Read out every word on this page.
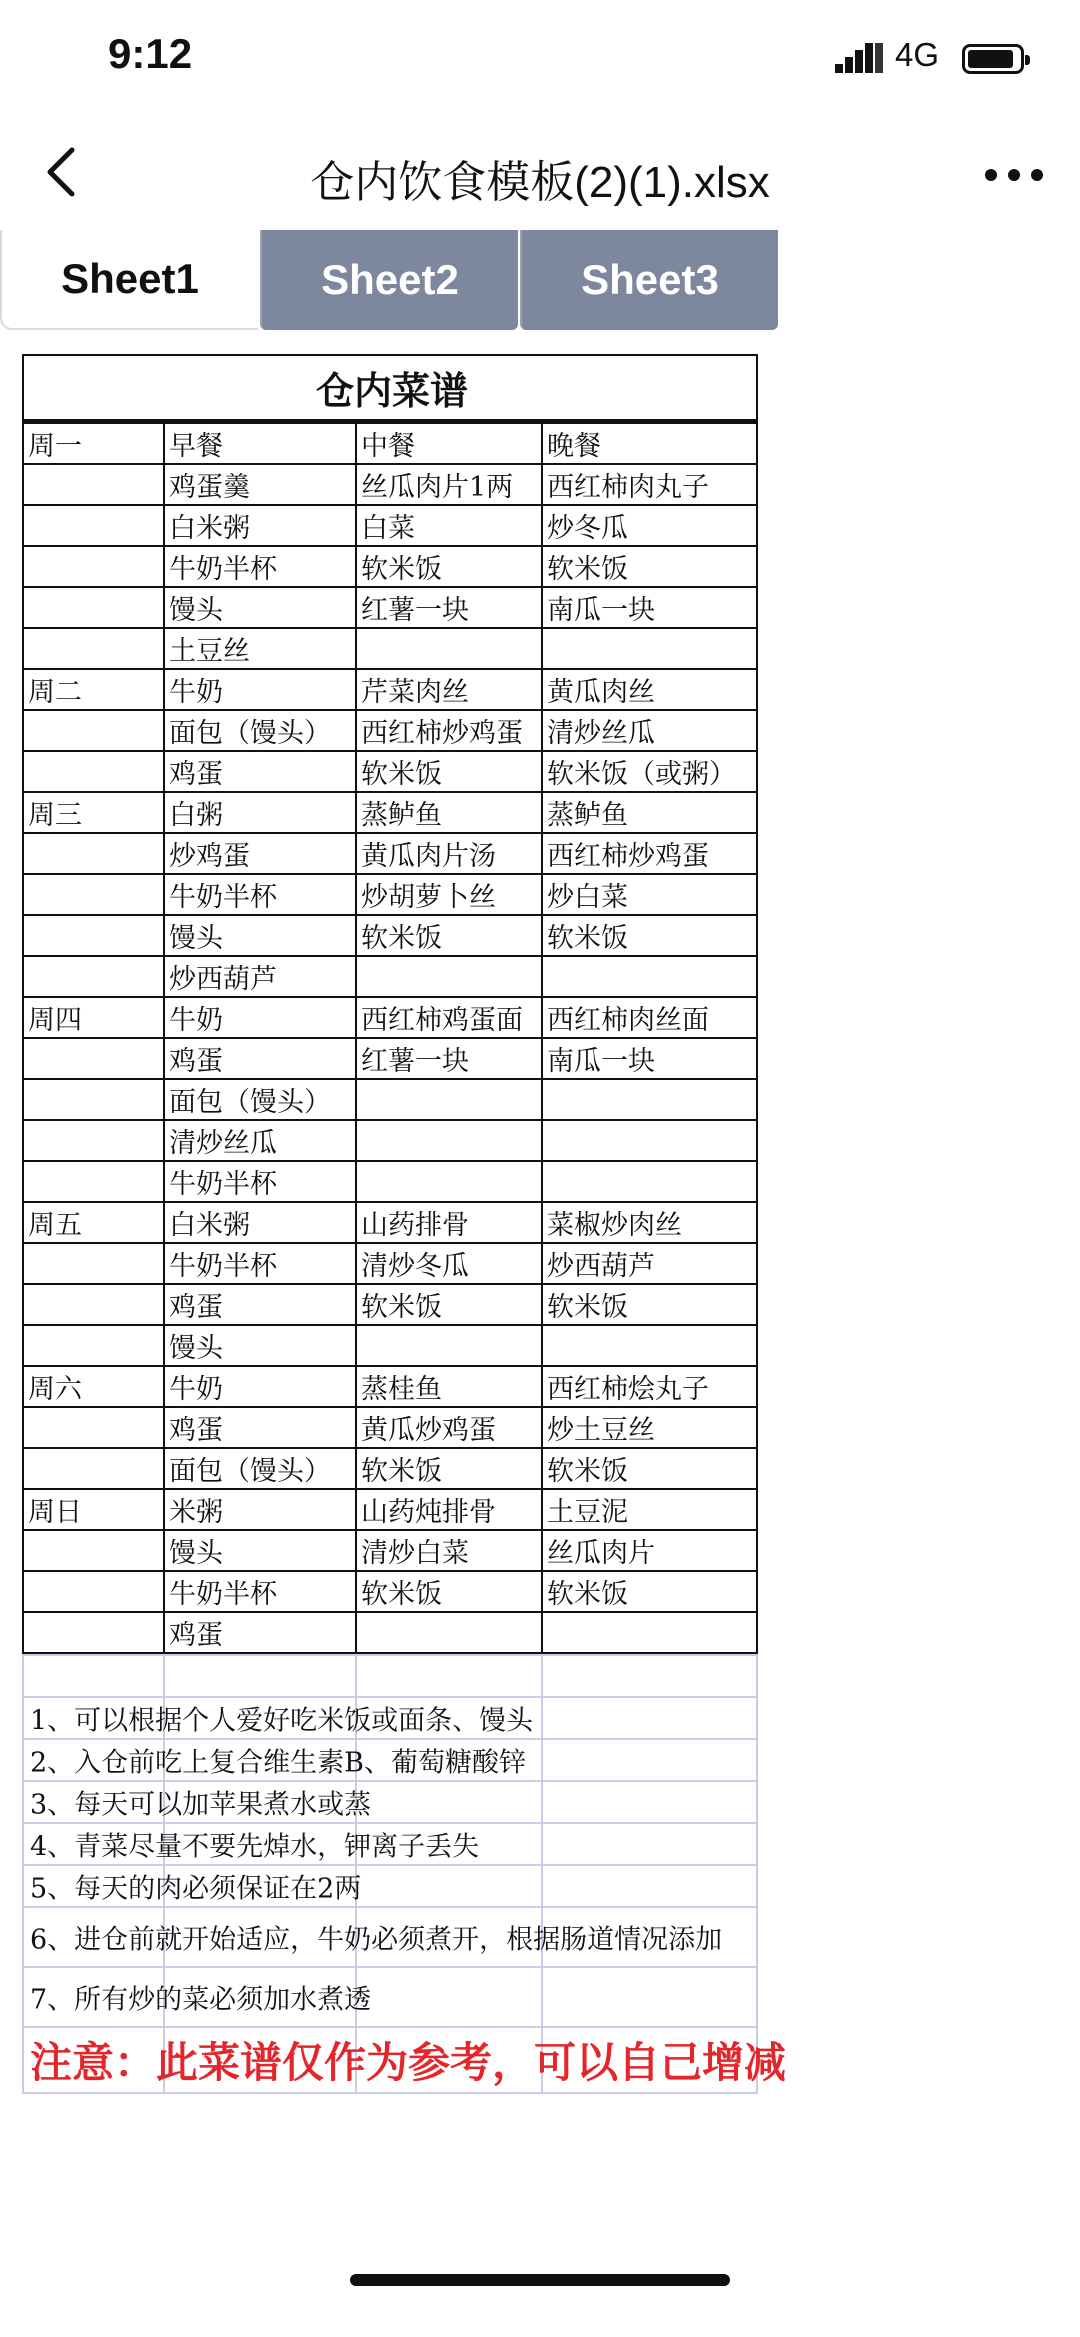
9:12	4G
仓内饮食模板(2)(1).xlsx
Sheet1	Sheet2	Sheet3
仓内菜谱			
周一	早餐	中餐	晚餐
	鸡蛋羹	丝瓜肉片1两	西红柿肉丸子
	白米粥	白菜	炒冬瓜
	牛奶半杯	软米饭	软米饭
	馒头	红薯一块	南瓜一块
	土豆丝		
周二	牛奶	芹菜肉丝	黄瓜肉丝
	面包（馒头）	西红柿炒鸡蛋	清炒丝瓜
	鸡蛋	软米饭	软米饭（或粥）
周三	白粥	蒸鲈鱼	蒸鲈鱼
	炒鸡蛋	黄瓜肉片汤	西红柿炒鸡蛋
	牛奶半杯	炒胡萝卜丝	炒白菜
	馒头	软米饭	软米饭
	炒西葫芦		
周四	牛奶	西红柿鸡蛋面	西红柿肉丝面
	鸡蛋	红薯一块	南瓜一块
	面包（馒头）		
	清炒丝瓜		
	牛奶半杯		
周五	白米粥	山药排骨	菜椒炒肉丝
	牛奶半杯	清炒冬瓜	炒西葫芦
	鸡蛋	软米饭	软米饭
	馒头		
周六	牛奶	蒸桂鱼	西红柿烩丸子
	鸡蛋	黄瓜炒鸡蛋	炒土豆丝
	面包（馒头）	软米饭	软米饭
周日	米粥	山药炖排骨	土豆泥
	馒头	清炒白菜	丝瓜肉片
	牛奶半杯	软米饭	软米饭
	鸡蛋		

1、可以根据个人爱好吃米饭或面条、馒头			

2、入仓前吃上复合维生素B、葡萄糖酸锌			

3、每天可以加苹果煮水或蒸			

4、青菜尽量不要先焯水，钾离子丢失			

5、每天的肉必须保证在2两			

6、进仓前就开始适应，牛奶必须煮开，根据肠道情况添加			

7、所有炒的菜必须加水煮透			

注意：此菜谱仅作为参考，可以自己增减			
